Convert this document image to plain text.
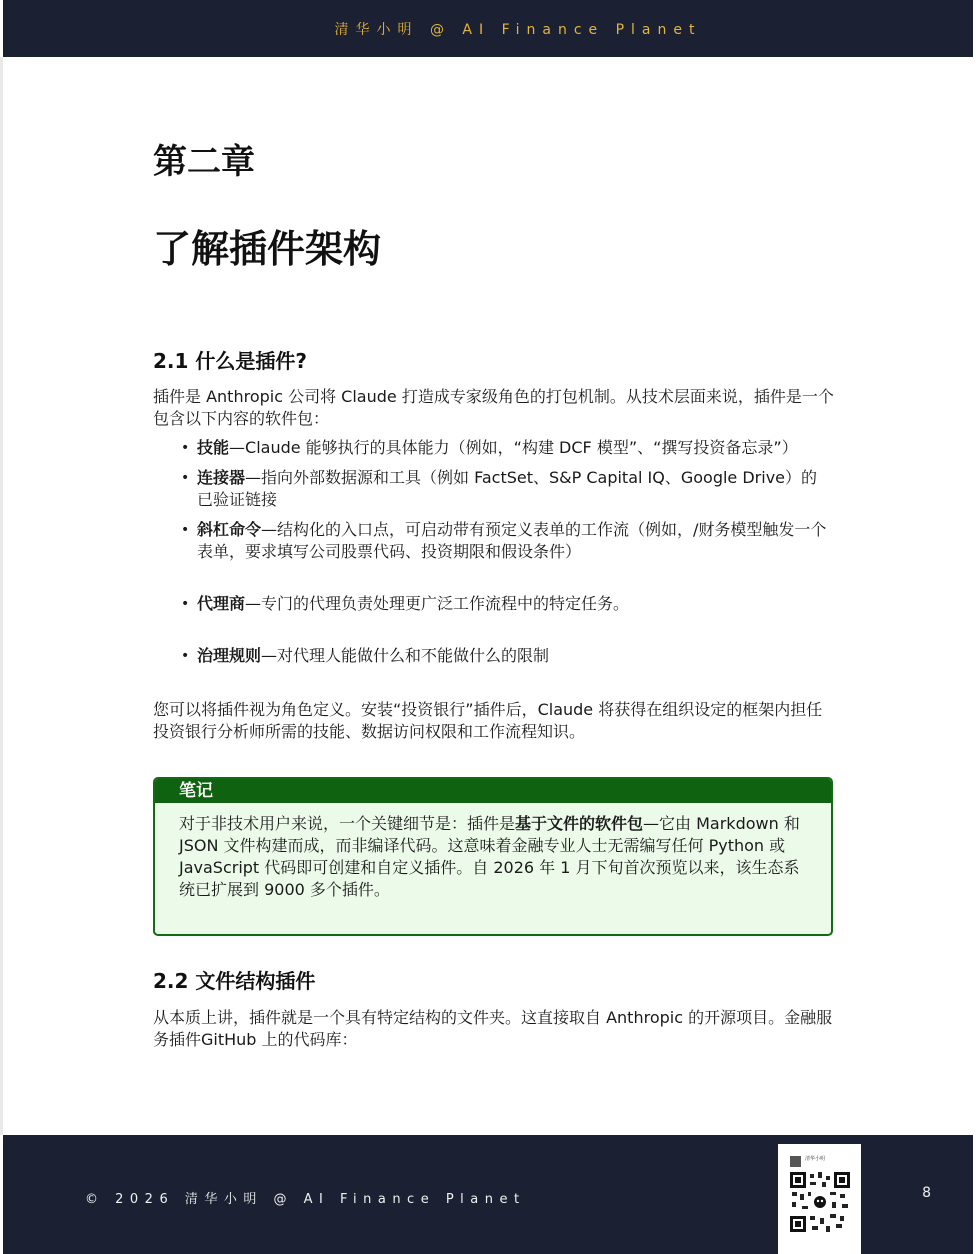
清华小明 @ AI Finance Planet
第二章
了解插件架构
2.1 什么是插件?

插件是 Anthropic 公司将 Claude 打造成专家级角色的打包机制。从技术层面来说，插件是一个包含以下内容的软件包：

• 技能—Claude 能够执行的具体能力（例如，“构建 DCF 模型”、“撰写投资备忘录”）
• 连接器—指向外部数据源和工具（例如 FactSet、S&P Capital IQ、Google Drive）的已验证链接
• 斜杠命令—结构化的入口点，可启动带有预定义表单的工作流（例如，/财务模型触发一个表单，要求填写公司股票代码、投资期限和假设条件）
• 代理商—专门的代理负责处理更广泛工作流程中的特定任务。
• 治理规则—对代理人能做什么和不能做什么的限制

您可以将插件视为角色定义。安装“投资银行”插件后，Claude 将获得在组织设定的框架内担任投资银行分析师所需的技能、数据访问权限和工作流程知识。

笔记
对于非技术用户来说，一个关键细节是：插件是基于文件的软件包—它由 Markdown 和 JSON 文件构建而成，而非编译代码。这意味着金融专业人士无需编写任何 Python 或 JavaScript 代码即可创建和自定义插件。自 2026 年 1 月下旬首次预览以来，该生态系统已扩展到 9000 多个插件。
2.2 文件结构插件

从本质上讲，插件就是一个具有特定结构的文件夹。这直接取自 Anthropic 的开源项目。金融服务插件GitHub 上的代码库：

© 2026 清华小明 @ AI Finance Planet
清华小明
8
